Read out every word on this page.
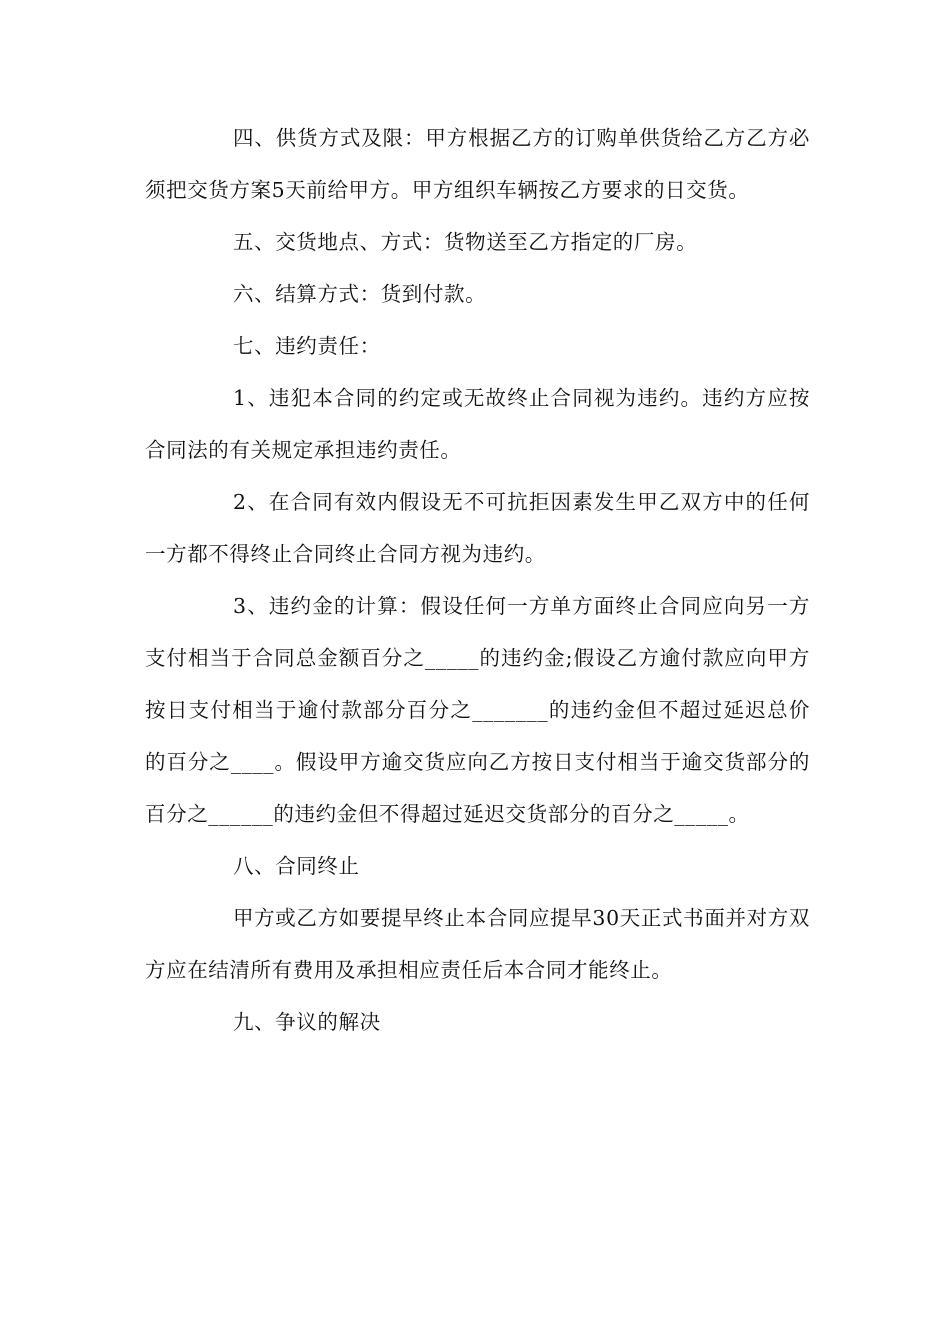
四、供货方式及限：甲方根据乙方的订购单供货给乙方乙方必须把交货方案5天前给甲方。甲方组织车辆按乙方要求的日交货。

五、交货地点、方式：货物送至乙方指定的厂房。

六、结算方式：货到付款。

七、违约责任：

1、违犯本合同的约定或无故终止合同视为违约。违约方应按合同法的有关规定承担违约责任。

2、在合同有效内假设无不可抗拒因素发生甲乙双方中的任何一方都不得终止合同终止合同方视为违约。

3、违约金的计算：假设任何一方单方面终止合同应向另一方支付相当于合同总金额百分之_____的违约金;假设乙方逾付款应向甲方按日支付相当于逾付款部分百分之_______的违约金但不超过延迟总价的百分之____。假设甲方逾交货应向乙方按日支付相当于逾交货部分的百分之______的违约金但不得超过延迟交货部分的百分之_____。

八、合同终止

甲方或乙方如要提早终止本合同应提早30天正式书面并对方双方应在结清所有费用及承担相应责任后本合同才能终止。

九、争议的解决
